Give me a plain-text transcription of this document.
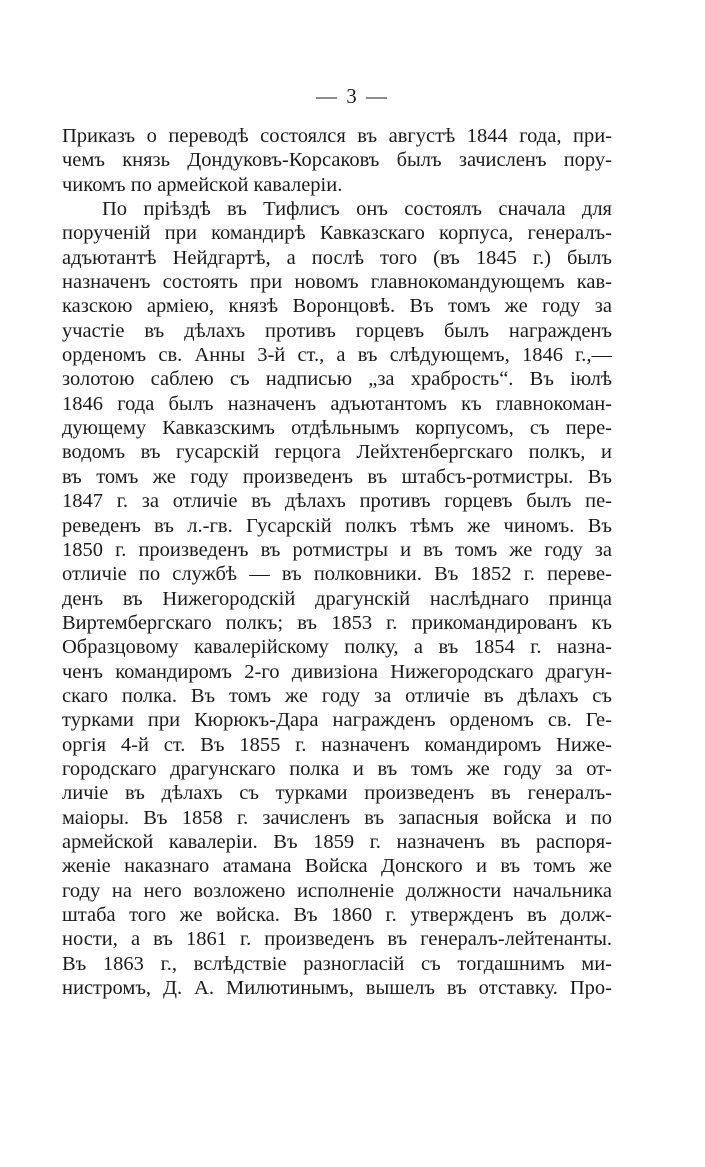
— 3 —
Приказъ о переводѣ состоялся въ августѣ 1844 года, при-
чемъ князь Дондуковъ-Корсаковъ былъ зачисленъ пору-
чикомъ по армейской кавалеріи.
По пріѣздѣ въ Тифлисъ онъ состоялъ сначала для
порученій при командирѣ Кавказскаго корпуса, генералъ-
адъютантѣ Нейдгартѣ, а послѣ того (въ 1845 г.) былъ
назначенъ состоять при новомъ главнокомандующемъ кав-
казскою арміею, князѣ Воронцовѣ. Въ томъ же году за
участіе въ дѣлахъ противъ горцевъ былъ награжденъ
орденомъ св. Анны 3-й ст., а въ слѣдующемъ, 1846 г.,—
золотою саблею съ надписью „за храбрость“. Въ іюлѣ
1846 года былъ назначенъ адъютантомъ къ главнокоман-
дующему Кавказскимъ отдѣльнымъ корпусомъ, съ пере-
водомъ въ гусарскій герцога Лейхтенбергскаго полкъ, и
въ томъ же году произведенъ въ штабсъ-ротмистры. Въ
1847 г. за отличіе въ дѣлахъ противъ горцевъ былъ пе-
реведенъ въ л.-гв. Гусарскій полкъ тѣмъ же чиномъ. Въ
1850 г. произведенъ въ ротмистры и въ томъ же году за
отличіе по службѣ — въ полковники. Въ 1852 г. переве-
денъ въ Нижегородскій драгунскій наслѣднаго принца
Виртембергскаго полкъ; въ 1853 г. прикомандированъ къ
Образцовому кавалерійскому полку, а въ 1854 г. назна-
ченъ командиромъ 2-го дивизіона Нижегородскаго драгун-
скаго полка. Въ томъ же году за отличіе въ дѣлахъ съ
турками при Кюрюкъ-Дара награжденъ орденомъ св. Ге-
оргія 4-й ст. Въ 1855 г. назначенъ командиромъ Нижe-
городскаго драгунскаго полка и въ томъ же году за от-
личіе въ дѣлахъ съ турками произведенъ въ генералъ-
маіоры. Въ 1858 г. зачисленъ въ запасныя войска и по
армейской кавалеріи. Въ 1859 г. назначенъ въ распоря-
женіе наказнаго атамана Войска Донского и въ томъ же
году на него возложено исполненіе должности начальника
штаба того же войска. Въ 1860 г. утвержденъ въ долж-
ности, а въ 1861 г. произведенъ въ генералъ-лейтенанты.
Въ 1863 г., вслѣдствіе разногласій съ тогдашнимъ ми-
нистромъ, Д. А. Милютинымъ, вышелъ въ отставку. Про-
